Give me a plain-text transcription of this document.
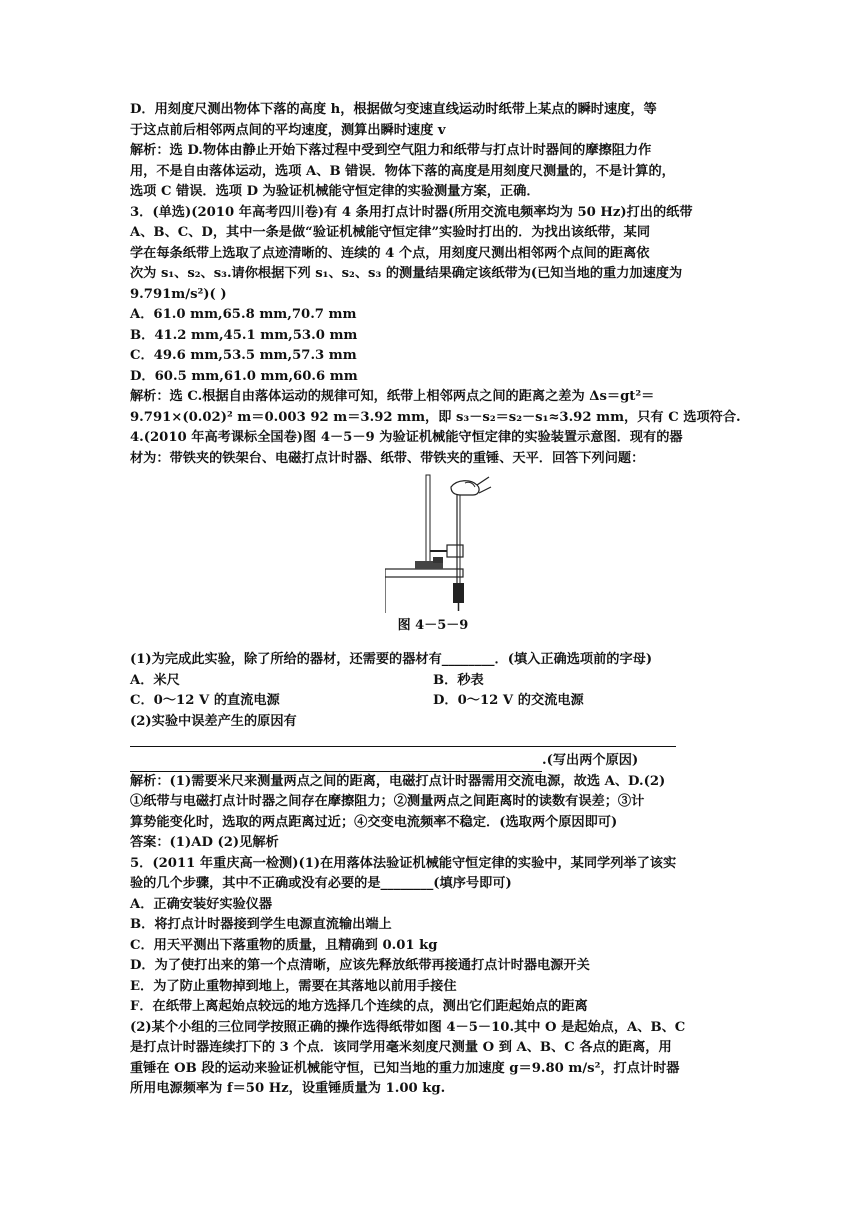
D．用刻度尺测出物体下落的高度 h，根据做匀变速直线运动时纸带上某点的瞬时速度，等

于这点前后相邻两点间的平均速度，测算出瞬时速度 v

解析：选 D.物体由静止开始下落过程中受到空气阻力和纸带与打点计时器间的摩擦阻力作

用，不是自由落体运动，选项 A、B 错误．物体下落的高度是用刻度尺测量的，不是计算的，

选项 C 错误．选项 D 为验证机械能守恒定律的实验测量方案，正确．

3．(单选)(2010 年高考四川卷)有 4 条用打点计时器(所用交流电频率均为 50 Hz)打出的纸带

A、B、C、D，其中一条是做“验证机械能守恒定律”实验时打出的．为找出该纸带，某同

学在每条纸带上选取了点迹清晰的、连续的 4 个点，用刻度尺测出相邻两个点间的距离依

次为 s₁、s₂、s₃.请你根据下列 s₁、s₂、s₃ 的测量结果确定该纸带为(已知当地的重力加速度为

9.791m/s²)( )

A．61.0 mm,65.8 mm,70.7 mm

B．41.2 mm,45.1 mm,53.0 mm

C．49.6 mm,53.5 mm,57.3 mm

D．60.5 mm,61.0 mm,60.6 mm

解析：选 C.根据自由落体运动的规律可知，纸带上相邻两点之间的距离之差为 Δs＝gt²＝

9.791×(0.02)² m＝0.003 92 m＝3.92 mm，即 s₃－s₂＝s₂－s₁≈3.92 mm，只有 C 选项符合.

4.(2010 年高考课标全国卷)图 4－5－9 为验证机械能守恒定律的实验装置示意图．现有的器

材为：带铁夹的铁架台、电磁打点计时器、纸带、带铁夹的重锤、天平．回答下列问题：

图 4－5－9

(1)为完成此实验，除了所给的器材，还需要的器材有________．(填入正确选项前的字母)

A．米尺	B．秒表

C．0～12 V 的直流电源	D．0～12 V 的交流电源

(2)实验中误差产生的原因有

.(写出两个原因)

解析：(1)需要米尺来测量两点之间的距离，电磁打点计时器需用交流电源，故选 A、D.(2)

①纸带与电磁打点计时器之间存在摩擦阻力；②测量两点之间距离时的读数有误差；③计

算势能变化时，选取的两点距离过近；④交变电流频率不稳定．(选取两个原因即可)

答案：(1)AD (2)见解析

5．(2011 年重庆高一检测)(1)在用落体法验证机械能守恒定律的实验中，某同学列举了该实

验的几个步骤，其中不正确或没有必要的是________(填序号即可)

A．正确安装好实验仪器

B．将打点计时器接到学生电源直流输出端上

C．用天平测出下落重物的质量，且精确到 0.01 kg

D．为了使打出来的第一个点清晰，应该先释放纸带再接通打点计时器电源开关

E．为了防止重物掉到地上，需要在其落地以前用手接住

F．在纸带上离起始点较远的地方选择几个连续的点，测出它们距起始点的距离

(2)某个小组的三位同学按照正确的操作选得纸带如图 4－5－10.其中 O 是起始点，A、B、C

是打点计时器连续打下的 3 个点．该同学用毫米刻度尺测量 O 到 A、B、C 各点的距离，用

重锤在 OB 段的运动来验证机械能守恒，已知当地的重力加速度 g＝9.80 m/s²，打点计时器

所用电源频率为 f＝50 Hz，设重锤质量为 1.00 kg.
